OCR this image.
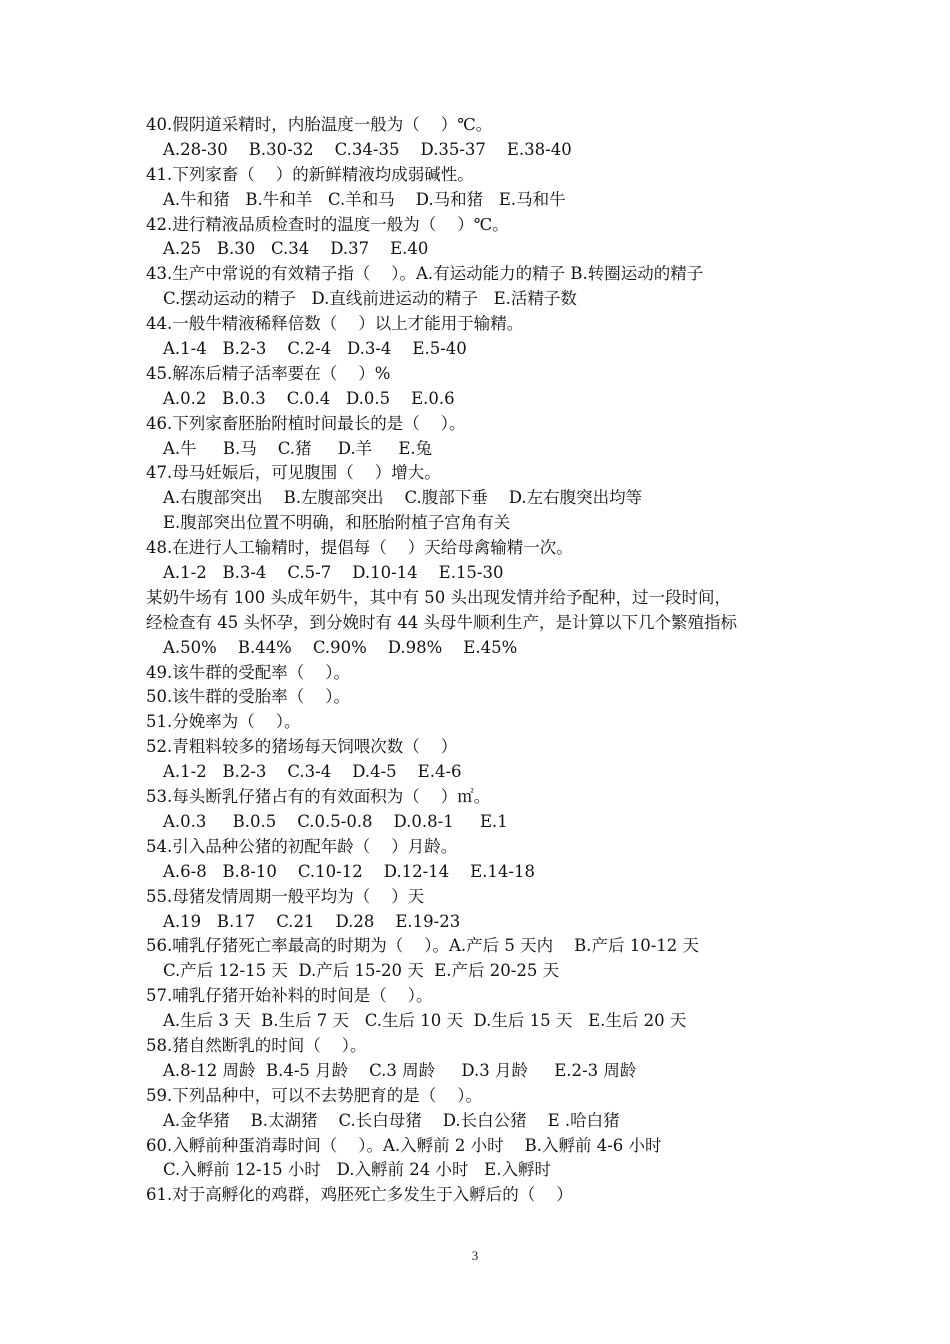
40.假阴道采精时，内胎温度一般为（    ）℃。
A.28-30    B.30-32    C.34-35    D.35-37    E.38-40
41.下列家畜（    ）的新鲜精液均成弱碱性。
A.牛和猪   B.牛和羊   C.羊和马    D.马和猪   E.马和牛
42.进行精液品质检查时的温度一般为（    ）℃。
A.25   B.30   C.34    D.37    E.40
43.生产中常说的有效精子指（    ）。A.有运动能力的精子 B.转圈运动的精子
C.摆动运动的精子   D.直线前进运动的精子   E.活精子数
44.一般牛精液稀释倍数（    ）以上才能用于输精。
A.1-4   B.2-3    C.2-4   D.3-4    E.5-40
45.解冻后精子活率要在（    ）%
A.0.2   B.0.3    C.0.4   D.0.5    E.0.6
46.下列家畜胚胎附植时间最长的是（    ）。
A.牛     B.马    C.猪     D.羊     E.兔
47.母马妊娠后，可见腹围（    ）增大。
A.右腹部突出    B.左腹部突出    C.腹部下垂    D.左右腹突出均等
E.腹部突出位置不明确，和胚胎附植子宫角有关
48.在进行人工输精时，提倡每（    ）天给母禽输精一次。
A.1-2   B.3-4    C.5-7    D.10-14    E.15-30
某奶牛场有 100 头成年奶牛，其中有 50 头出现发情并给予配种，过一段时间，
经检查有 45 头怀孕，到分娩时有 44 头母牛顺利生产，是计算以下几个繁殖指标
A.50%    B.44%    C.90%    D.98%    E.45%
49.该牛群的受配率（    ）。
50.该牛群的受胎率（    ）。
51.分娩率为（    ）。
52.青粗料较多的猪场每天饲喂次数（    ）
A.1-2   B.2-3    C.3-4    D.4-5    E.4-6
53.每头断乳仔猪占有的有效面积为（    ）㎡。
A.0.3     B.0.5    C.0.5-0.8    D.0.8-1     E.1
54.引入品种公猪的初配年龄（    ）月龄。
A.6-8   B.8-10    C.10-12    D.12-14    E.14-18
55.母猪发情周期一般平均为（    ）天
A.19   B.17    C.21    D.28    E.19-23
56.哺乳仔猪死亡率最高的时期为（    ）。A.产后 5 天内    B.产后 10-12 天
C.产后 12-15 天  D.产后 15-20 天  E.产后 20-25 天
57.哺乳仔猪开始补料的时间是（    ）。
A.生后 3 天  B.生后 7 天   C.生后 10 天  D.生后 15 天   E.生后 20 天
58.猪自然断乳的时间（    ）。
A.8-12 周龄  B.4-5 月龄    C.3 周龄     D.3 月龄     E.2-3 周龄
59.下列品种中，可以不去势肥育的是（    ）。
A.金华猪    B.太湖猪    C.长白母猪    D.长白公猪    E .哈白猪
60.入孵前种蛋消毒时间（    ）。A.入孵前 2 小时    B.入孵前 4-6 小时
C.入孵前 12-15 小时   D.入孵前 24 小时   E.入孵时
61.对于高孵化的鸡群，鸡胚死亡多发生于入孵后的（    ）
3
